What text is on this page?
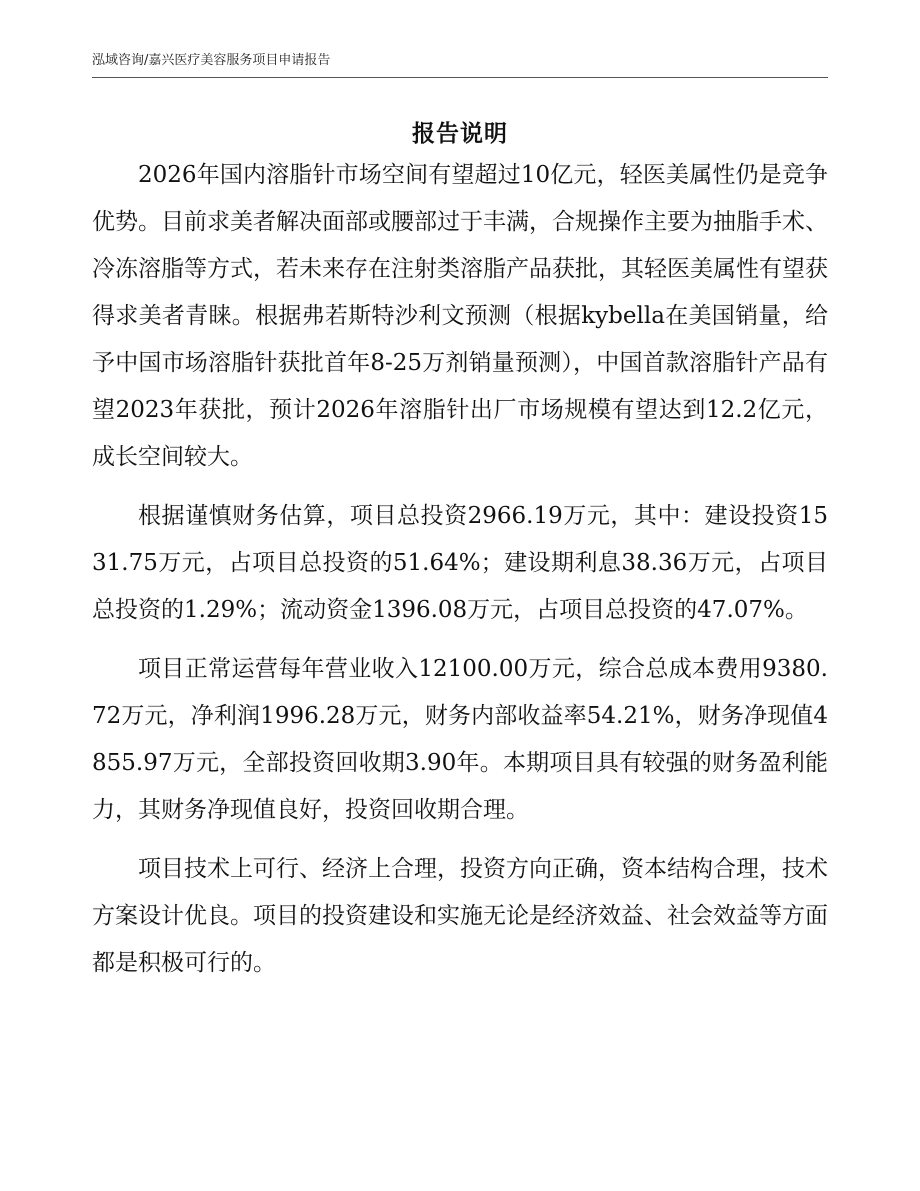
泓域咨询/嘉兴医疗美容服务项目申请报告
报告说明

2026年国内溶脂针市场空间有望超过10亿元，轻医美属性仍是竞争优势。目前求美者解决面部或腰部过于丰满，合规操作主要为抽脂手术、冷冻溶脂等方式，若未来存在注射类溶脂产品获批，其轻医美属性有望获得求美者青睐。根据弗若斯特沙利文预测（根据kybella在美国销量，给予中国市场溶脂针获批首年8-25万剂销量预测），中国首款溶脂针产品有望2023年获批，预计2026年溶脂针出厂市场规模有望达到12.2亿元，成长空间较大。

根据谨慎财务估算，项目总投资2966.19万元，其中：建设投资1531.75万元，占项目总投资的51.64%；建设期利息38.36万元，占项目总投资的1.29%；流动资金1396.08万元，占项目总投资的47.07%。

项目正常运营每年营业收入12100.00万元，综合总成本费用9380.72万元，净利润1996.28万元，财务内部收益率54.21%，财务净现值4855.97万元，全部投资回收期3.90年。本期项目具有较强的财务盈利能力，其财务净现值良好，投资回收期合理。

项目技术上可行、经济上合理，投资方向正确，资本结构合理，技术方案设计优良。项目的投资建设和实施无论是经济效益、社会效益等方面都是积极可行的。
